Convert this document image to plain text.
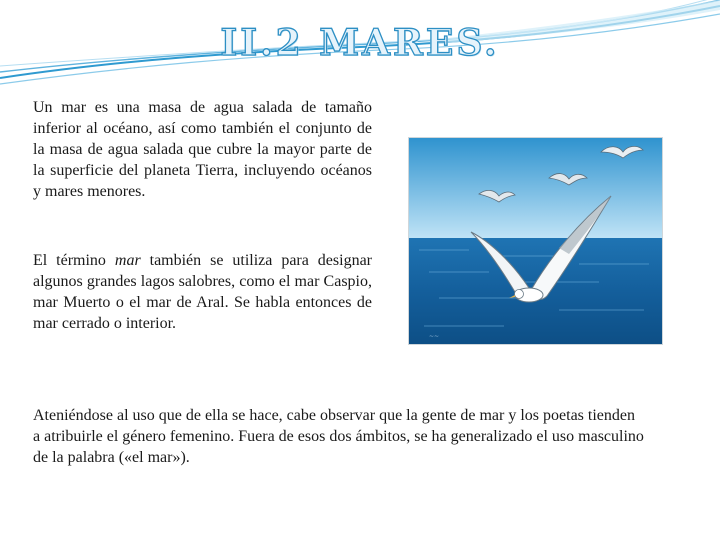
II.2 MARES.

Un mar es una masa de agua salada de tamaño inferior al océano, así como también el conjunto de la masa de agua salada que cubre la mayor parte de la superficie del planeta Tierra, incluyendo océanos y mares menores.

El término mar también se utiliza para designar algunos grandes lagos salobres, como el mar Caspio, mar Muerto o el mar de Aral. Se habla entonces de mar cerrado o interior.

Ateniéndose al uso que de ella se hace, cabe observar que la gente de mar y los poetas tienden a atribuirle el género femenino. Fuera de esos dos ámbitos, se ha generalizado el uso masculino de la palabra («el mar»).

~~
